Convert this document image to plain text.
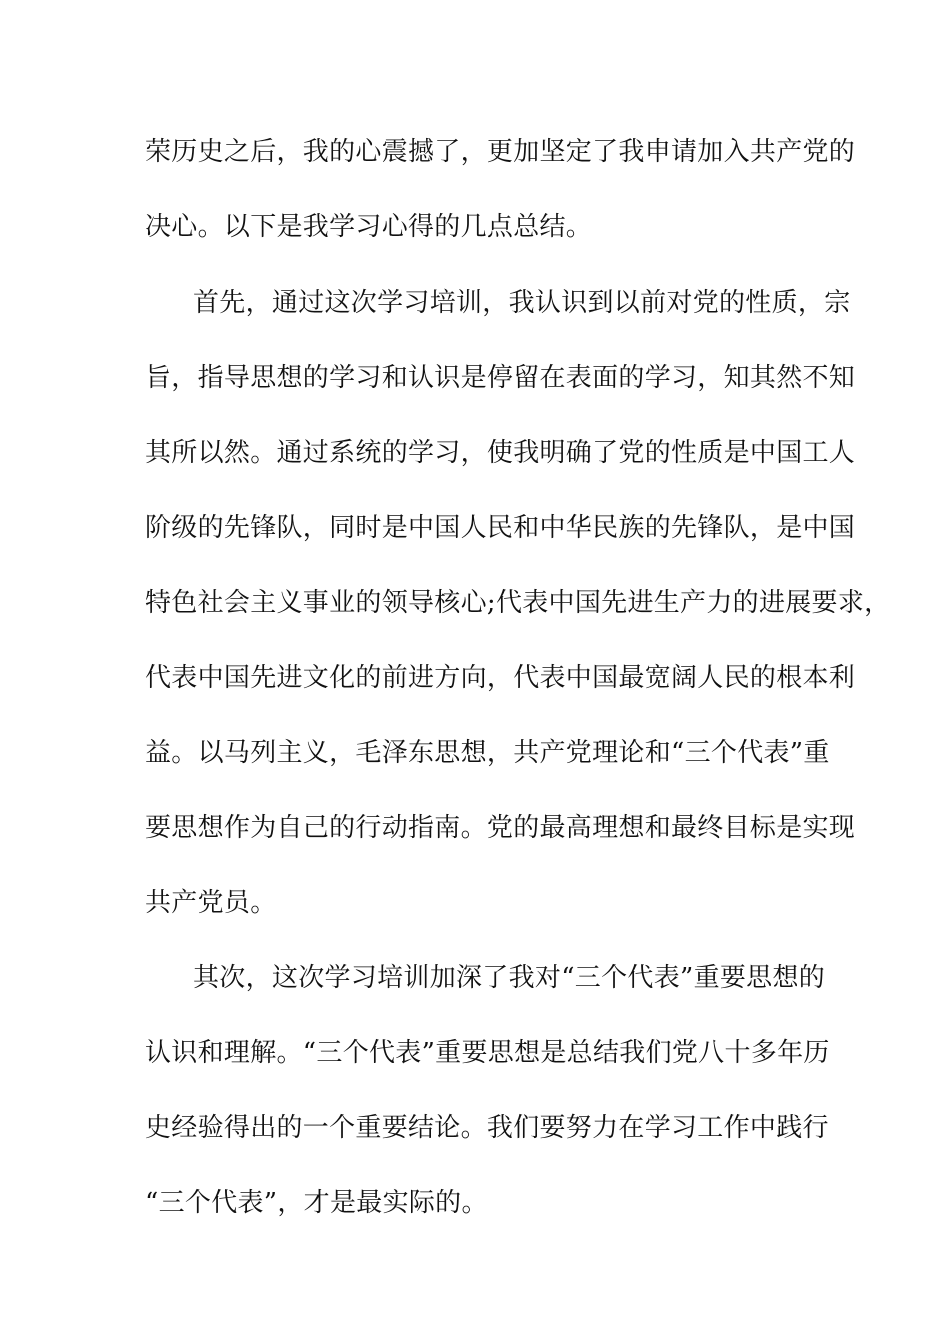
荣历史之后，我的心震撼了，更加坚定了我申请加入共产党的

决心。以下是我学习心得的几点总结。

首先，通过这次学习培训，我认识到以前对党的性质，宗

旨，指导思想的学习和认识是停留在表面的学习，知其然不知

其所以然。通过系统的学习，使我明确了党的性质是中国工人

阶级的先锋队，同时是中国人民和中华民族的先锋队，是中国

特色社会主义事业的领导核心;代表中国先进生产力的进展要求，

代表中国先进文化的前进方向，代表中国最宽阔人民的根本利

益。以马列主义，毛泽东思想，共产党理论和“三个代表”重

要思想作为自己的行动指南。党的最高理想和最终目标是实现

共产党员。

其次，这次学习培训加深了我对“三个代表”重要思想的

认识和理解。“三个代表”重要思想是总结我们党八十多年历

史经验得出的一个重要结论。我们要努力在学习工作中践行

“三个代表”，才是最实际的。
